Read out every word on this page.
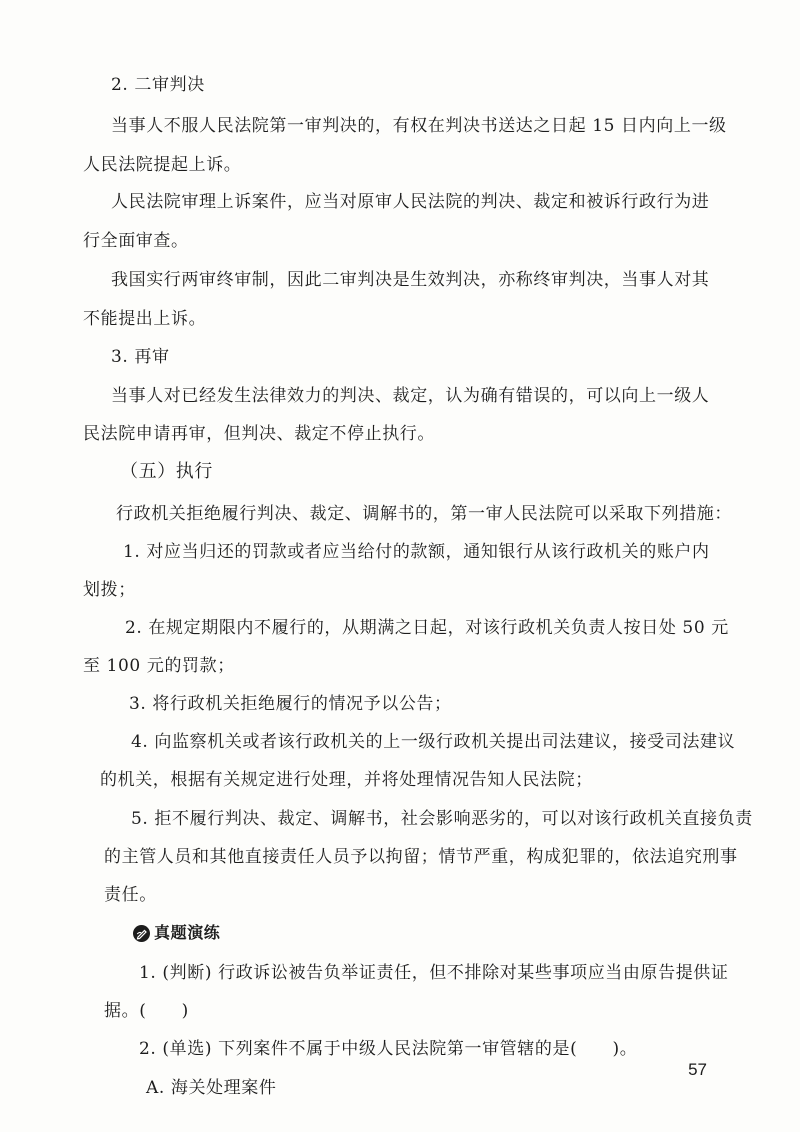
2. 二审判决
当事人不服人民法院第一审判决的，有权在判决书送达之日起 15 日内向上一级
人民法院提起上诉。
人民法院审理上诉案件，应当对原审人民法院的判决、裁定和被诉行政行为进
行全面审查。
我国实行两审终审制，因此二审判决是生效判决，亦称终审判决，当事人对其
不能提出上诉。
3. 再审
当事人对已经发生法律效力的判决、裁定，认为确有错误的，可以向上一级人
民法院申请再审，但判决、裁定不停止执行。
（五）执行
行政机关拒绝履行判决、裁定、调解书的，第一审人民法院可以采取下列措施：
1. 对应当归还的罚款或者应当给付的款额，通知银行从该行政机关的账户内
划拨；
2. 在规定期限内不履行的，从期满之日起，对该行政机关负责人按日处 50 元
至 100 元的罚款；
3. 将行政机关拒绝履行的情况予以公告；
4. 向监察机关或者该行政机关的上一级行政机关提出司法建议，接受司法建议
的机关，根据有关规定进行处理，并将处理情况告知人民法院；
5. 拒不履行判决、裁定、调解书，社会影响恶劣的，可以对该行政机关直接负责
的主管人员和其他直接责任人员予以拘留；情节严重，构成犯罪的，依法追究刑事
责任。
真题演练
1. (判断) 行政诉讼被告负举证责任，但不排除对某些事项应当由原告提供证
据。(　　)
2. (单选) 下列案件不属于中级人民法院第一审管辖的是(　　)。
A. 海关处理案件
57
